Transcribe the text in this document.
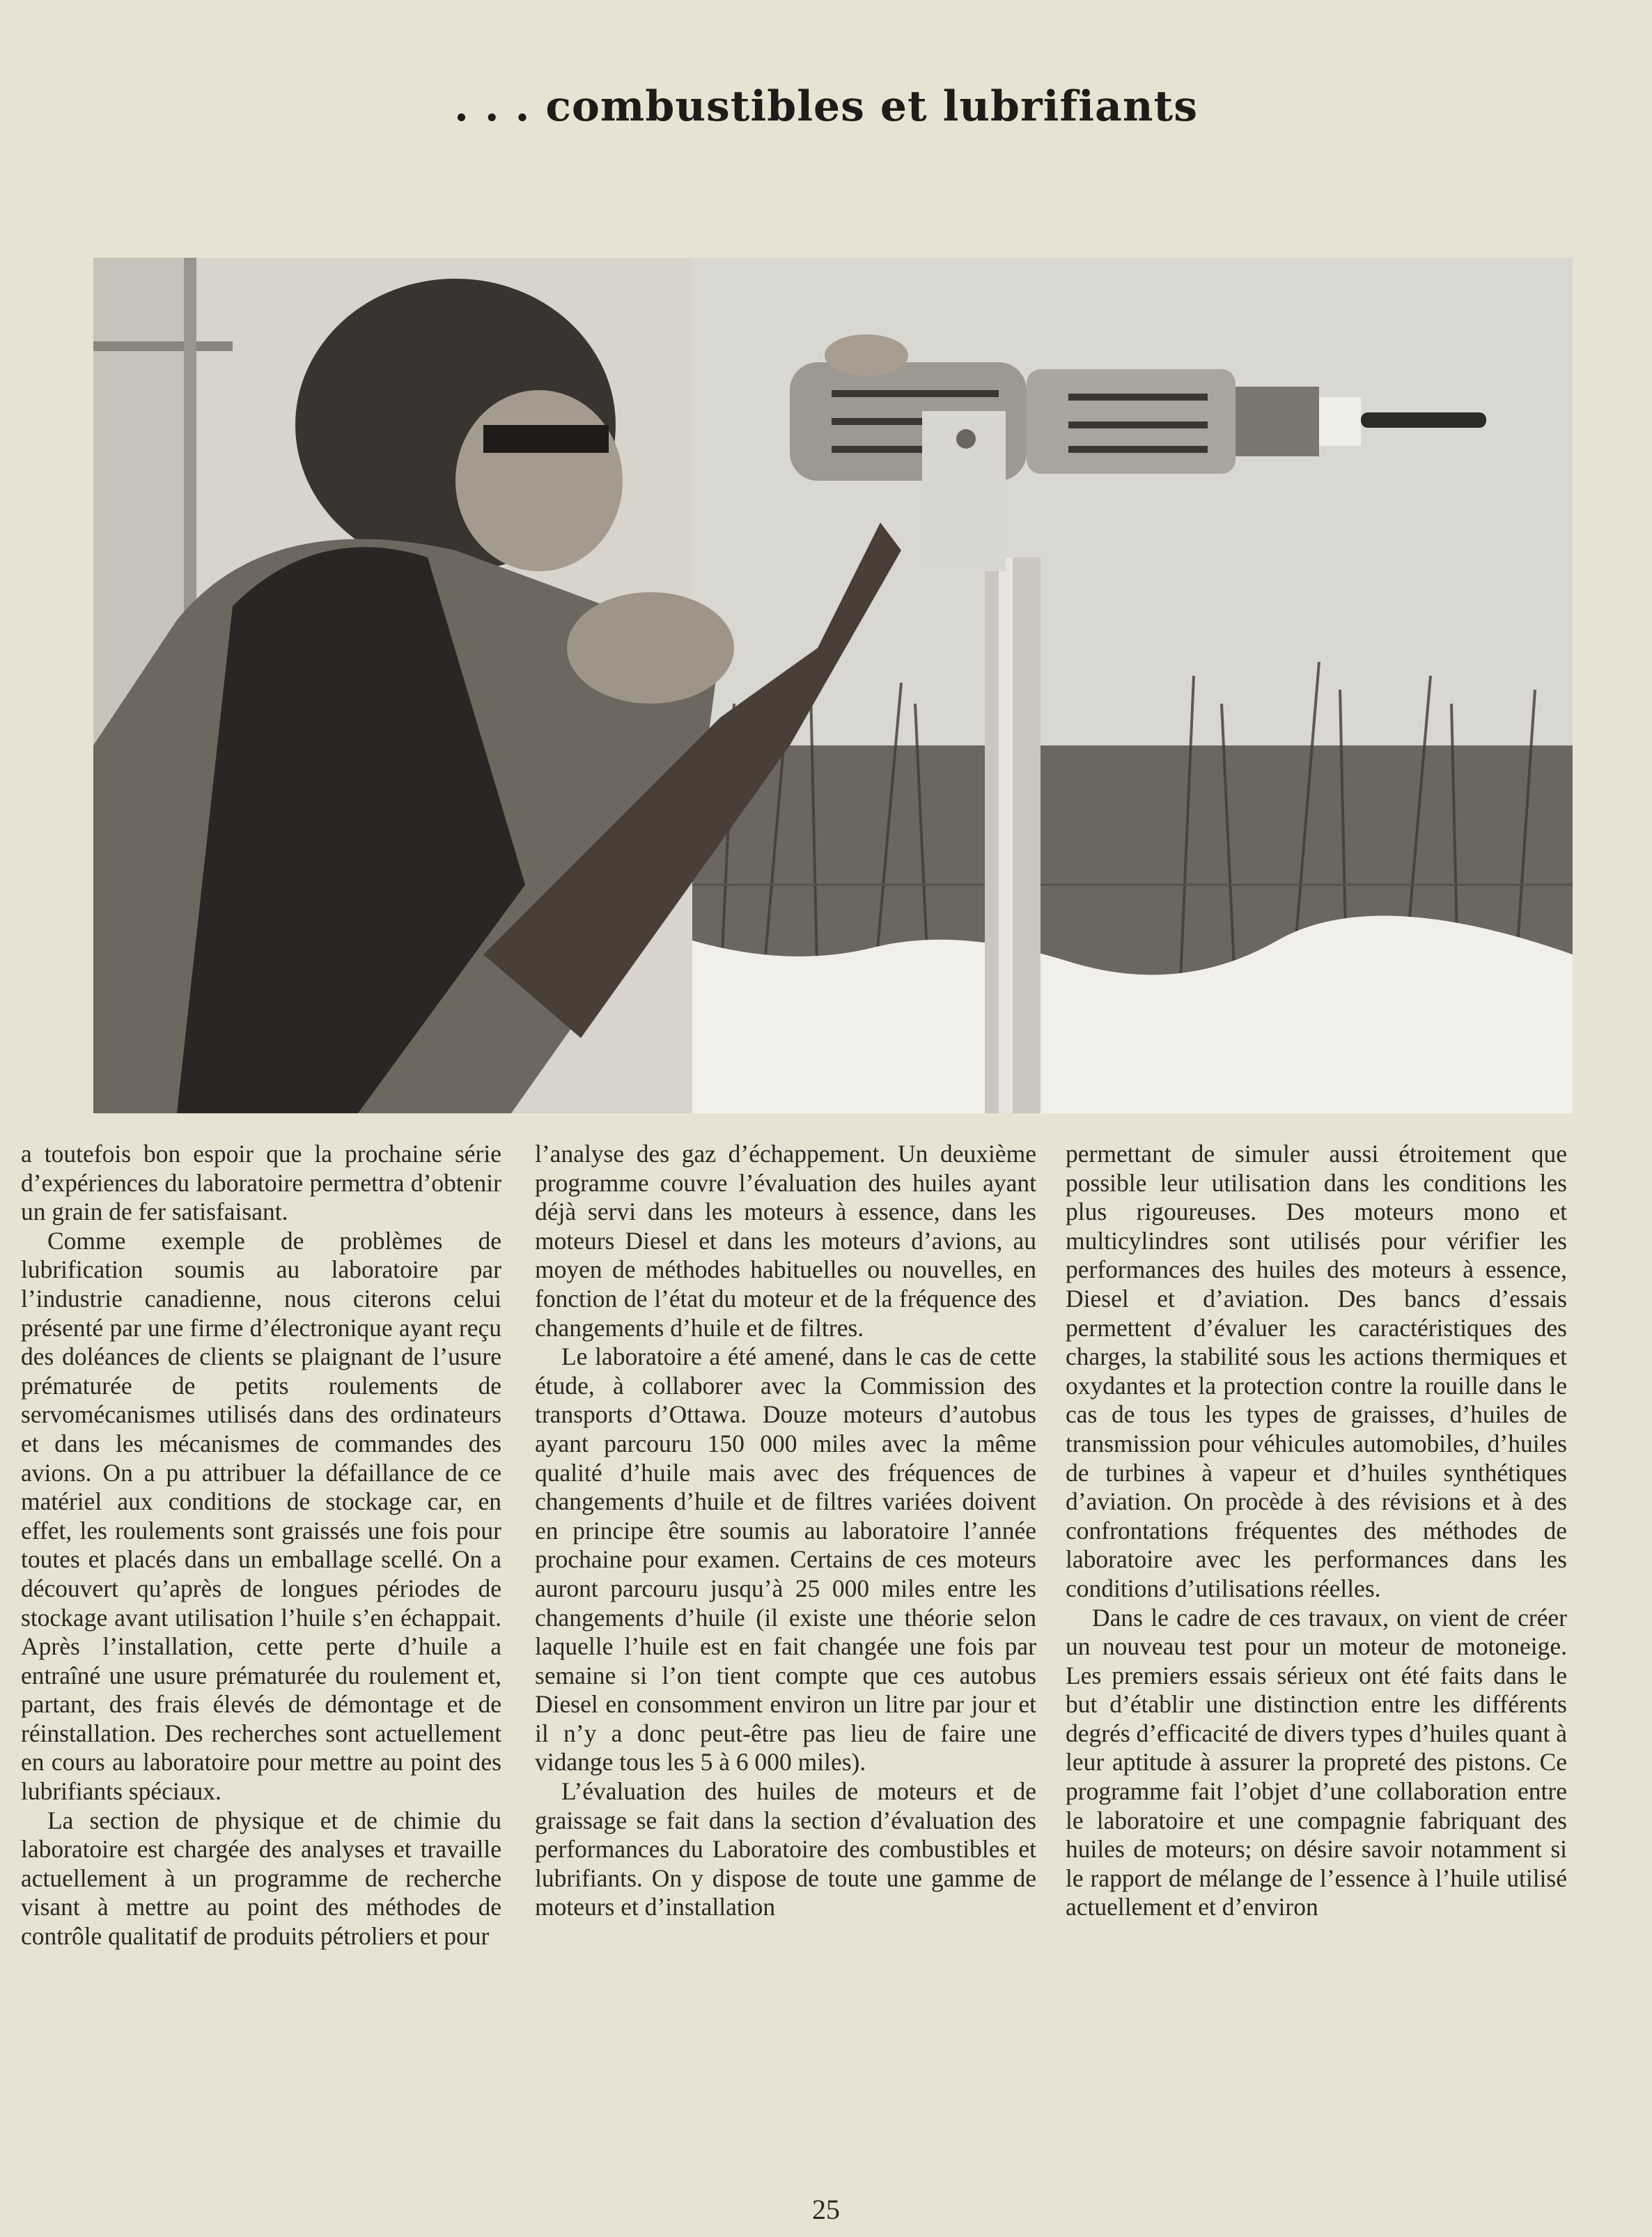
. . . combustibles et lubrifiants

a toutefois bon espoir que la prochaine série d’expériences du laboratoire permettra d’obtenir un grain de fer satisfaisant.

Comme exemple de problèmes de lubrification soumis au laboratoire par l’industrie canadienne, nous citerons celui présenté par une firme d’électronique ayant reçu des doléances de clients se plaignant de l’usure prématurée de petits roulements de servomécanismes utilisés dans des ordinateurs et dans les mécanismes de commandes des avions. On a pu attribuer la défaillance de ce matériel aux conditions de stockage car, en effet, les roulements sont graissés une fois pour toutes et placés dans un emballage scellé. On a découvert qu’après de longues périodes de stockage avant utilisation l’huile s’en échappait. Après l’installation, cette perte d’huile a entraîné une usure prématurée du roulement et, partant, des frais élevés de démontage et de réinstallation. Des recherches sont actuellement en cours au laboratoire pour mettre au point des lubrifiants spéciaux.

La section de physique et de chimie du laboratoire est chargée des analyses et travaille actuellement à un programme de recherche visant à mettre au point des méthodes de contrôle qualitatif de produits pétroliers et pour

l’analyse des gaz d’échappement. Un deuxième programme couvre l’évaluation des huiles ayant déjà servi dans les moteurs à essence, dans les moteurs Diesel et dans les moteurs d’avions, au moyen de méthodes habituelles ou nouvelles, en fonction de l’état du moteur et de la fréquence des changements d’huile et de filtres.

Le laboratoire a été amené, dans le cas de cette étude, à collaborer avec la Commission des transports d’Ottawa. Douze moteurs d’autobus ayant parcouru 150 000 miles avec la même qualité d’huile mais avec des fréquences de changements d’huile et de filtres variées doivent en principe être soumis au laboratoire l’année prochaine pour examen. Certains de ces moteurs auront parcouru jusqu’à 25 000 miles entre les changements d’huile (il existe une théorie selon laquelle l’huile est en fait changée une fois par semaine si l’on tient compte que ces autobus Diesel en consomment environ un litre par jour et il n’y a donc peut-être pas lieu de faire une vidange tous les 5 à 6 000 miles).

L’évaluation des huiles de moteurs et de graissage se fait dans la section d’évaluation des performances du Laboratoire des combustibles et lubrifiants. On y dispose de toute une gamme de moteurs et d’installation

permettant de simuler aussi étroitement que possible leur utilisation dans les conditions les plus rigoureuses. Des moteurs mono et multicylindres sont utilisés pour vérifier les performances des huiles des moteurs à essence, Diesel et d’aviation. Des bancs d’essais permettent d’évaluer les caractéristiques des charges, la stabilité sous les actions thermiques et oxydantes et la protection contre la rouille dans le cas de tous les types de graisses, d’huiles de transmission pour véhicules automobiles, d’huiles de turbines à vapeur et d’huiles synthétiques d’aviation. On procède à des révisions et à des confrontations fréquentes des méthodes de laboratoire avec les performances dans les conditions d’utilisations réelles.

Dans le cadre de ces travaux, on vient de créer un nouveau test pour un moteur de motoneige. Les premiers essais sérieux ont été faits dans le but d’établir une distinction entre les différents degrés d’efficacité de divers types d’huiles quant à leur aptitude à assurer la propreté des pistons. Ce programme fait l’objet d’une collaboration entre le laboratoire et une compagnie fabriquant des huiles de moteurs; on désire savoir notamment si le rapport de mélange de l’essence à l’huile utilisé actuellement et d’environ

25
